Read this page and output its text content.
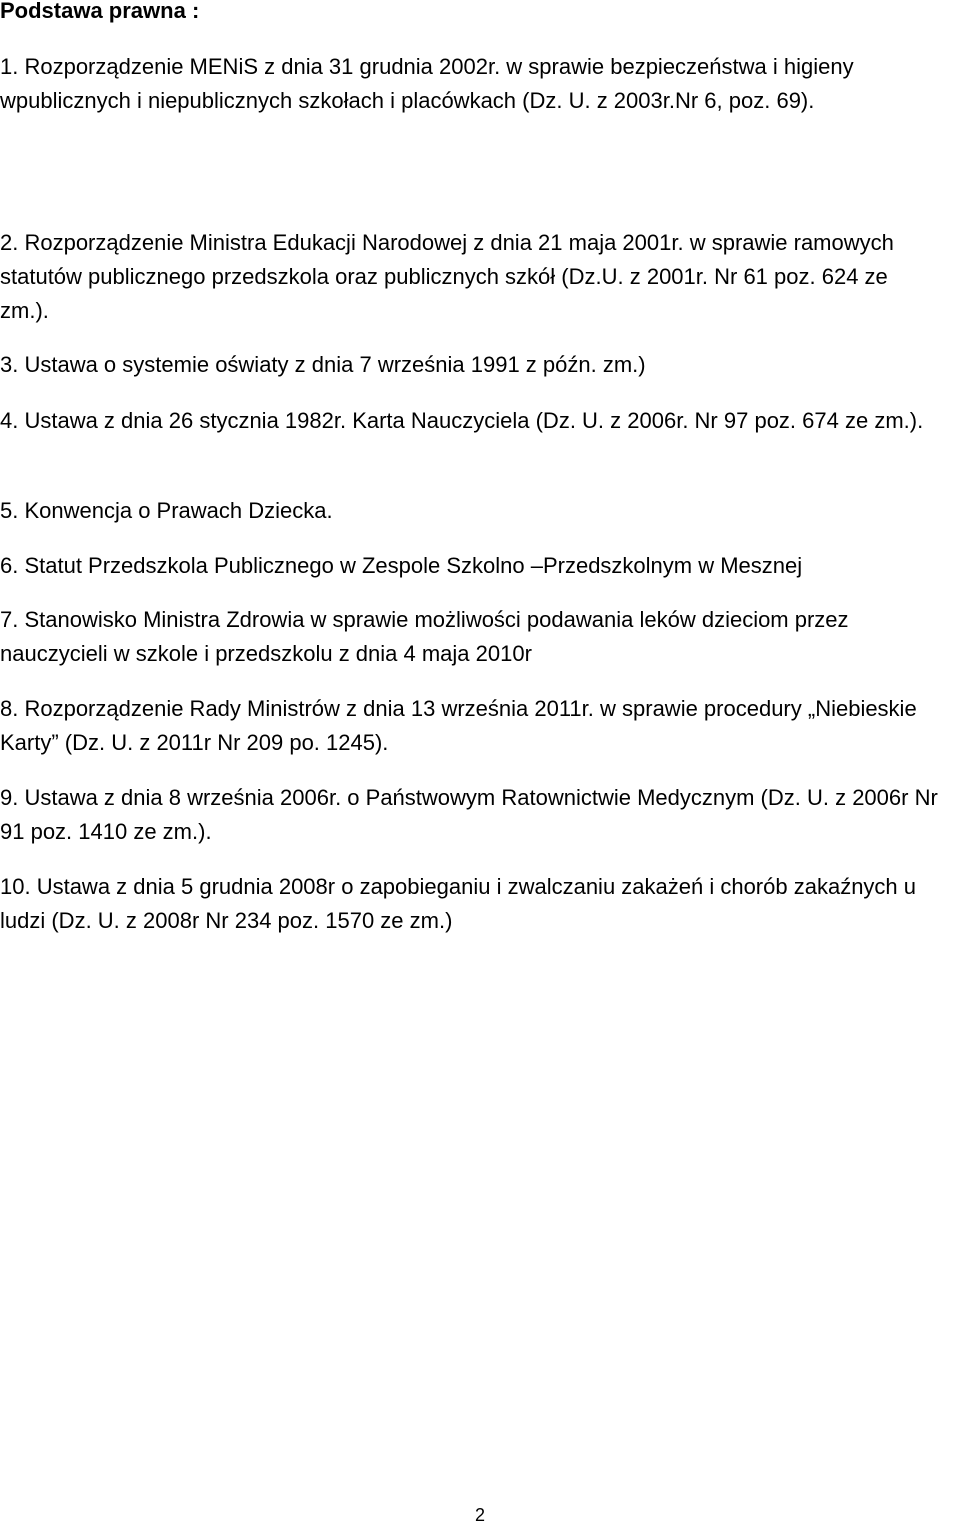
Podstawa prawna :
1. Rozporządzenie MENiS z dnia 31 grudnia 2002r. w sprawie bezpieczeństwa i higieny wpublicznych i niepublicznych szkołach i placówkach (Dz. U. z 2003r.Nr 6, poz. 69).
2. Rozporządzenie Ministra Edukacji Narodowej z dnia 21 maja 2001r. w sprawie ramowych statutów publicznego przedszkola oraz publicznych szkół (Dz.U. z 2001r. Nr 61 poz. 624 ze zm.).
3. Ustawa o systemie oświaty z dnia 7 września 1991 z późn. zm.)
4. Ustawa z dnia 26 stycznia 1982r. Karta Nauczyciela (Dz. U. z 2006r. Nr 97 poz. 674 ze zm.).
5. Konwencja o Prawach Dziecka.
6. Statut Przedszkola Publicznego w Zespole Szkolno –Przedszkolnym w Mesznej
7. Stanowisko Ministra Zdrowia w sprawie możliwości podawania leków dzieciom przez nauczycieli w szkole i przedszkolu z dnia 4 maja 2010r
8. Rozporządzenie Rady Ministrów z dnia 13 września 2011r. w sprawie procedury „Niebieskie Karty” (Dz. U. z 2011r Nr 209 po. 1245).
9. Ustawa z dnia 8 września 2006r. o Państwowym Ratownictwie Medycznym (Dz. U. z 2006r Nr 91 poz. 1410 ze zm.).
10. Ustawa z dnia 5 grudnia 2008r o zapobieganiu i zwalczaniu zakażeń i chorób zakaźnych u ludzi (Dz. U. z 2008r Nr 234 poz. 1570 ze zm.)
2
